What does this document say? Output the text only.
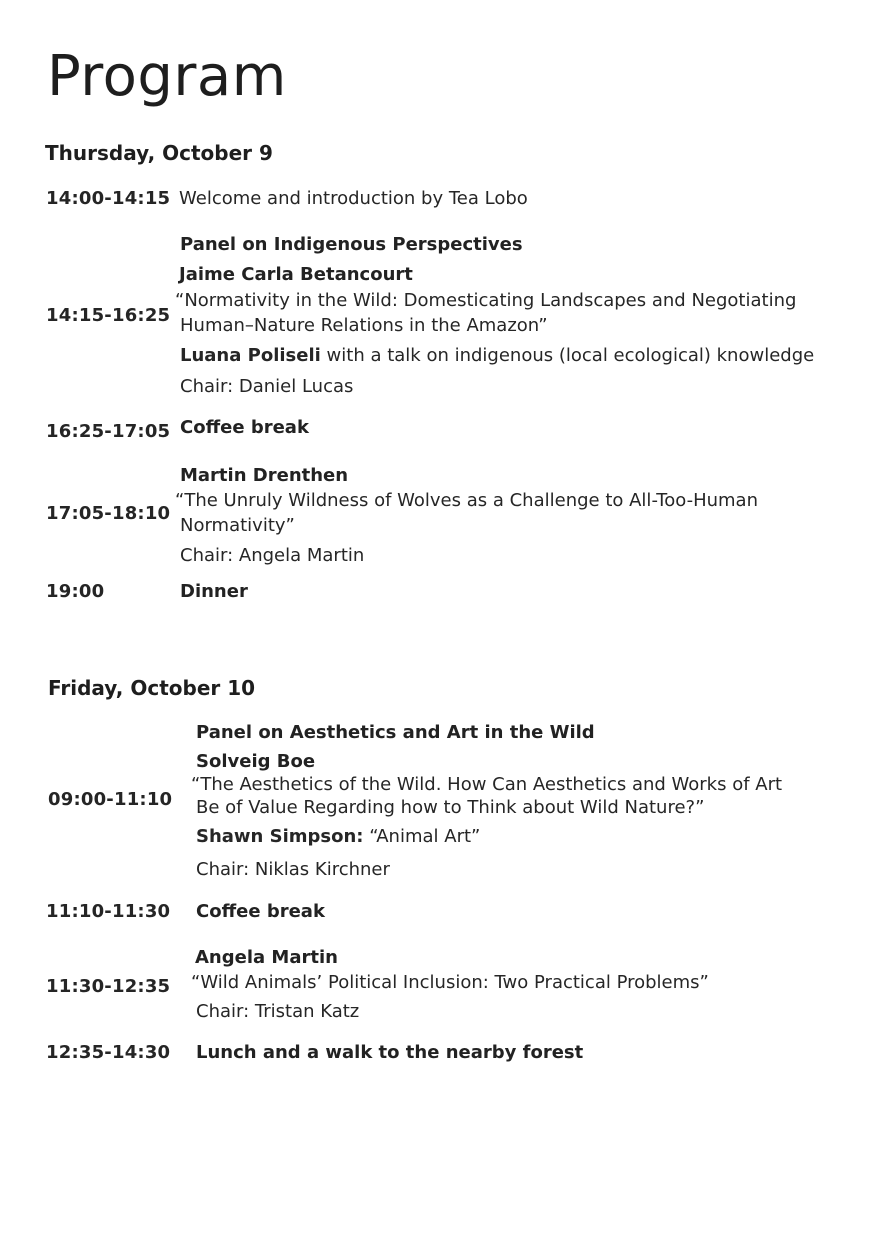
Program
Thursday, October 9
14:00-14:15 Welcome and introduction by Tea Lobo
Panel on Indigenous Perspectives
Jaime Carla Betancourt
“Normativity in the Wild: Domesticating Landscapes and Negotiating
14:15-16:25 Human–Nature Relations in the Amazon”
Luana Poliseli with a talk on indigenous (local ecological) knowledge
Chair: Daniel Lucas
16:25-17:05 Coffee break
Martin Drenthen
“The Unruly Wildness of Wolves as a Challenge to All-Too-Human
17:05-18:10
Normativity”
Chair: Angela Martin
19:00	Dinner
Friday, October 10
Panel on Aesthetics and Art in the Wild
Solveig Boe
“The Aesthetics of the Wild. How Can Aesthetics and Works of Art
09:00-11:10 Be of Value Regarding how to Think about Wild Nature?”
Shawn Simpson: “Animal Art”
Chair: Niklas Kirchner
11:10-11:30 Coffee break
Angela Martin
11:30-12:35 “Wild Animals’ Political Inclusion: Two Practical Problems”
Chair: Tristan Katz
12:35-14:30 Lunch and a walk to the nearby forest
